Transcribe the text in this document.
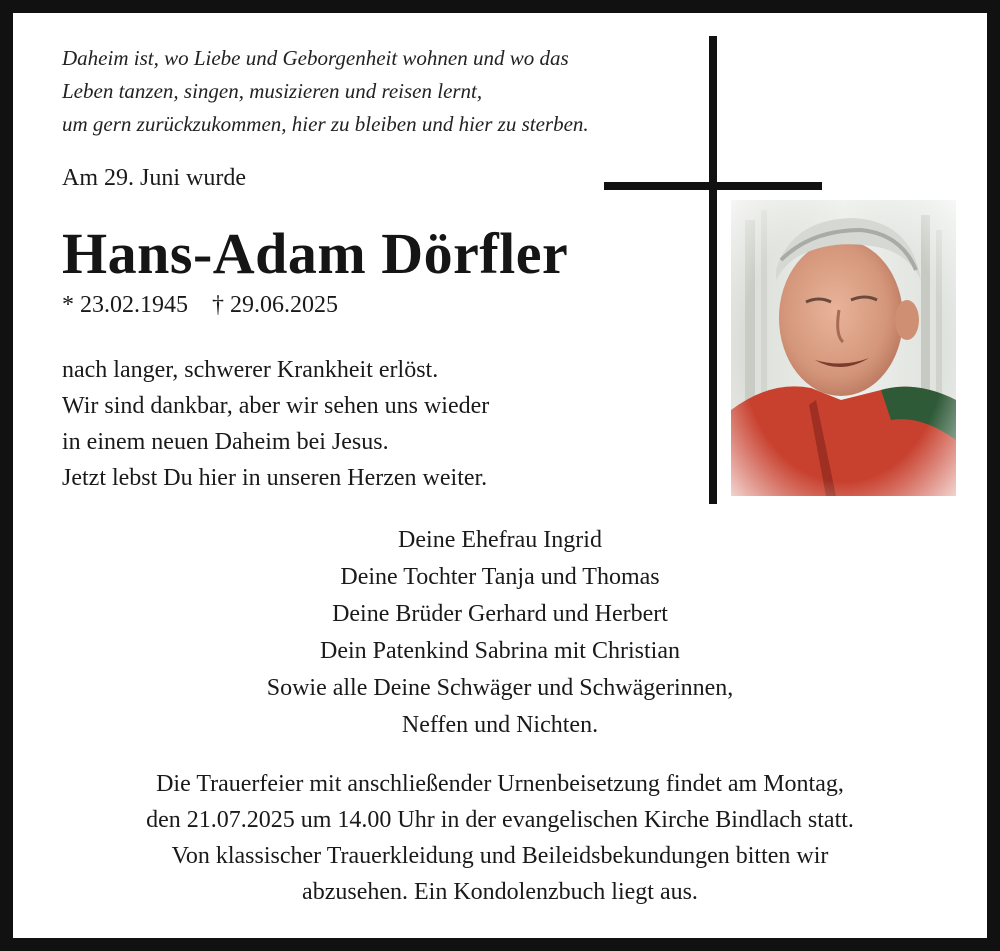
Daheim ist, wo Liebe und Geborgenheit wohnen und wo das
Leben tanzen, singen, musizieren und reisen lernt,
um gern zurückzukommen, hier zu bleiben und hier zu sterben.
Am 29. Juni wurde
Hans-Adam Dörfler
* 23.02.1945 † 29.06.2025
nach langer, schwerer Krankheit erlöst.
Wir sind dankbar, aber wir sehen uns wieder
in einem neuen Daheim bei Jesus.
Jetzt lebst Du hier in unseren Herzen weiter.
Deine Ehefrau Ingrid
Deine Tochter Tanja und Thomas
Deine Brüder Gerhard und Herbert
Dein Patenkind Sabrina mit Christian
Sowie alle Deine Schwäger und Schwägerinnen,
Neffen und Nichten.
Die Trauerfeier mit anschließender Urnenbeisetzung findet am Montag,
den 21.07.2025 um 14.00 Uhr in der evangelischen Kirche Bindlach statt.
Von klassischer Trauerkleidung und Beileidsbekundungen bitten wir
abzusehen. Ein Kondolenzbuch liegt aus.
